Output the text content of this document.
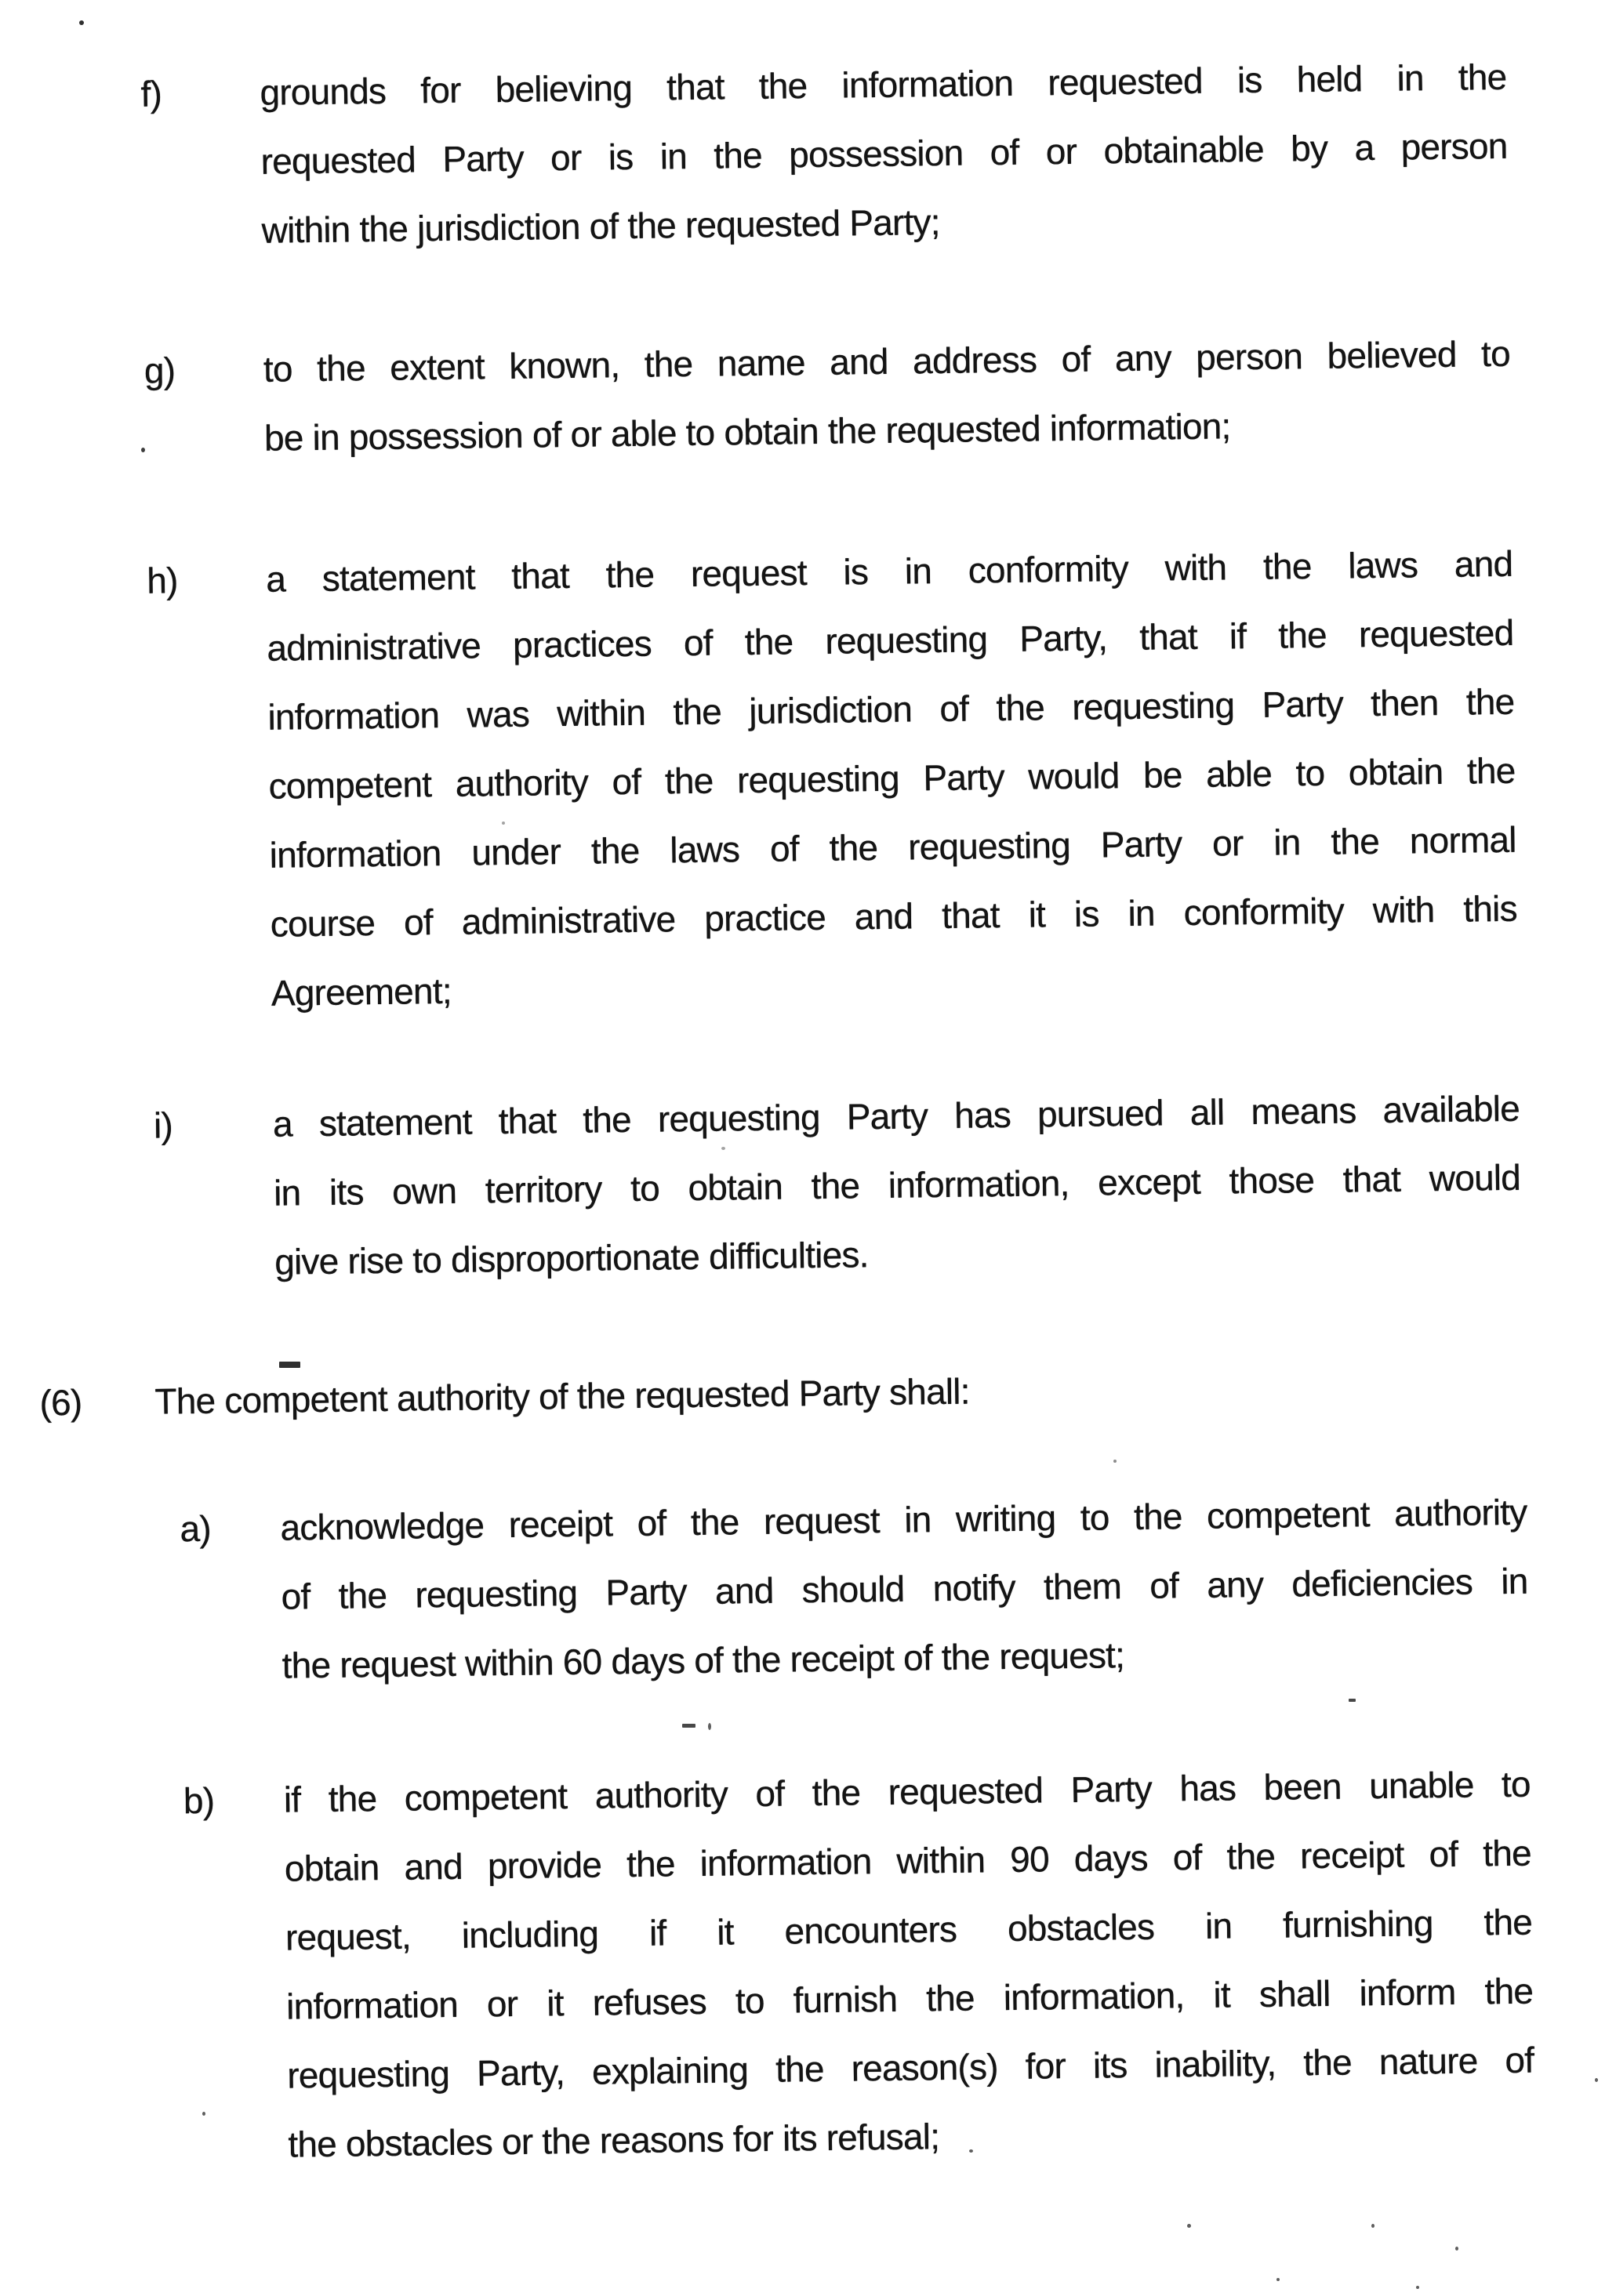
f)	grounds for believing that the information requested is held in the
requested Party or is in the possession of or obtainable by a person
within the jurisdiction of the requested Party;
g) to the extent known, the name and address of any person believed to
be in possession of or able to obtain the requested information;
h) a statement that the request is in conformity with the laws and
administrative practices of the requesting Party, that if the requested
information was within the jurisdiction of the requesting Party then the
competent authority of the requesting Party would be able to obtain the
information under the laws of the requesting Party or in the normal
course of administrative practice and that it is in conformity with this
Agreement;
i)	a statement that the requesting Party has pursued all means available
in its own territory to obtain the information, except those that would
give rise to disproportionate difficulties.
(6) The competent authority of the requested Party shall:
a) acknowledge receipt of the request in writing to the competent authority
of the requesting Party and should notify them of any deficiencies in
the request within 60 days of the receipt of the request;
b) if the competent authority of the requested Party has been unable to
obtain and provide the information within 90 days of the receipt of the
request, including if it encounters obstacles in furnishing the
information or it refuses to furnish the information, it shall inform the
requesting Party, explaining the reason(s) for its inability, the nature of
the obstacles or the reasons for its refusal;
